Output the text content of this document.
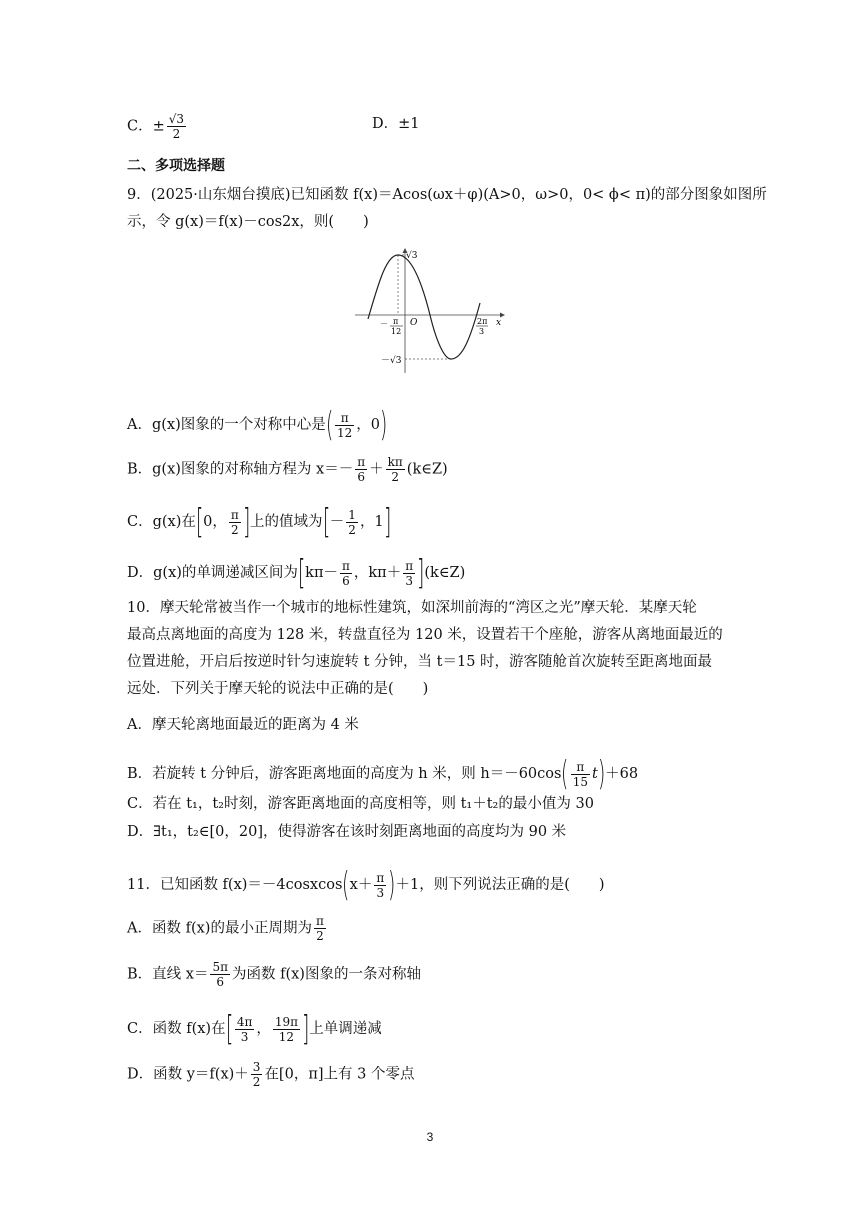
C．± $\frac{√3}{2}$	D．±1
二、多项选择题
9．(2025·山东烟台摸底)已知函数 f(x)＝Acos(ωx＋φ)(A>0，ω>0，0< ϕ< π)的部分图象如图所
示，令 g(x)＝f(x)－cos2x，则(　　)
√3
－√3
O	x
－ π
12
2π
3
A．g(x)图象的一个对称中心是( $\frac{\pi}{12}$ ，0)
B．g(x)图象的对称轴方程为 $x=- \frac{\pi}{6} + \frac{k\pi}{2}$ (k∈Z)
C．g(x)在[0， $\frac{\pi}{2}$ ]上的值域为[－ $\frac{1}{2}$ ，1]
D．g(x)的单调递减区间为[$k\pi- \frac{\pi}{6}$ ，$k\pi+ \frac{\pi}{3}$ ](k∈Z)
10．摩天轮常被当作一个城市的地标性建筑，如深圳前海的“湾区之光”摩天轮．某摩天轮
最高点离地面的高度为 128 米，转盘直径为 120 米，设置若干个座舱，游客从离地面最近的
位置进舱，开启后按逆时针匀速旋转 t 分钟，当 t＝15 时，游客随舱首次旋转至距离地面最
远处．下列关于摩天轮的说法中正确的是(　　)
A．摩天轮离地面最近的距离为 4 米
B．若旋转 t 分钟后，游客距离地面的高度为 h 米，则 $h=-60\cos( \frac{\pi}{15} t)+68$
C．若在 t₁，t₂时刻，游客距离地面的高度相等，则 t₁＋t₂的最小值为 30
D．∃t₁，t₂∈[0，20]，使得游客在该时刻距离地面的高度均为 90 米
11．已知函数 f(x)＝－4cosxcos(x＋ $\frac{\pi}{3} )+1$，则下列说法正确的是(　　)
A．函数 f(x)的最小正周期为 $\frac{\pi}{2}$
B．直线 $x= \frac{5\pi}{6}$ 为函数 f(x)图象的一条对称轴
C．函数 f(x)在[ $\frac{4\pi}{3}$ ， $\frac{19\pi}{12}$ ]上单调递减
D．函数 $y=f(x)+ \frac{3}{2}$ 在[0，π]上有 3 个零点
3
